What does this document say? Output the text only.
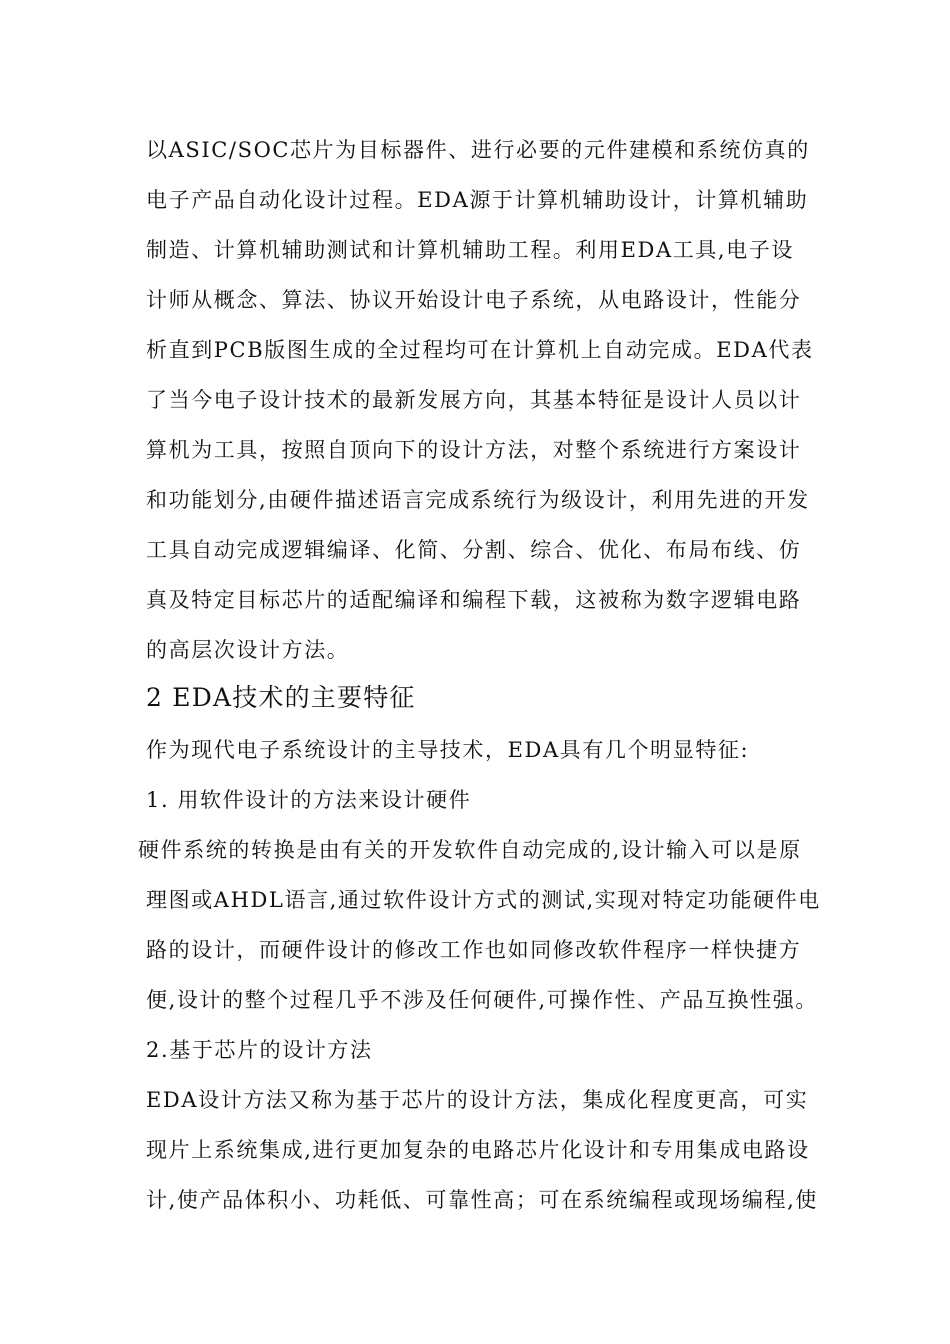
以ASIC/SOC芯片为目标器件、进行必要的元件建模和系统仿真的
电子产品自动化设计过程。EDA源于计算机辅助设计，计算机辅助
制造、计算机辅助测试和计算机辅助工程。利用EDA工具,电子设
计师从概念、算法、协议开始设计电子系统，从电路设计，性能分
析直到PCB版图生成的全过程均可在计算机上自动完成。EDA代表
了当今电子设计技术的最新发展方向，其基本特征是设计人员以计
算机为工具，按照自顶向下的设计方法，对整个系统进行方案设计
和功能划分,由硬件描述语言完成系统行为级设计，利用先进的开发
工具自动完成逻辑编译、化简、分割、综合、优化、布局布线、仿
真及特定目标芯片的适配编译和编程下载，这被称为数字逻辑电路
的高层次设计方法。
2 EDA技术的主要特征
作为现代电子系统设计的主导技术，EDA具有几个明显特征:
1. 用软件设计的方法来设计硬件
硬件系统的转换是由有关的开发软件自动完成的,设计输入可以是原
理图或AHDL语言,通过软件设计方式的测试,实现对特定功能硬件电
路的设计，而硬件设计的修改工作也如同修改软件程序一样快捷方
便,设计的整个过程几乎不涉及任何硬件,可操作性、产品互换性强。
2.基于芯片的设计方法
EDA设计方法又称为基于芯片的设计方法，集成化程度更高，可实
现片上系统集成,进行更加复杂的电路芯片化设计和专用集成电路设
计,使产品体积小、功耗低、可靠性高；可在系统编程或现场编程,使
